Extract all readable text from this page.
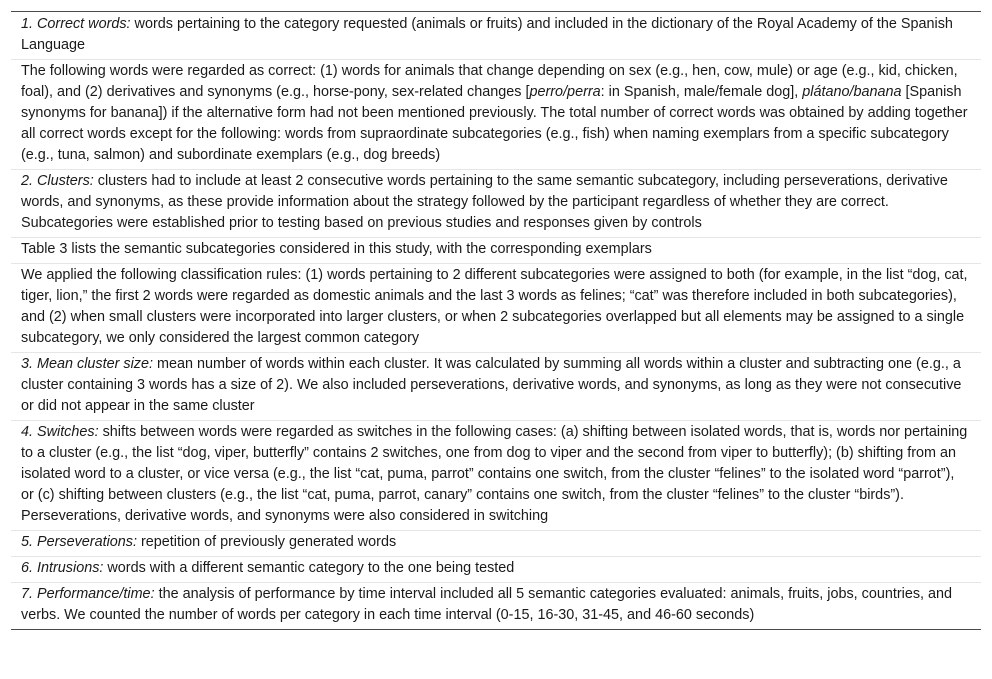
1. Correct words: words pertaining to the category requested (animals or fruits) and included in the dictionary of the Royal Academy of the Spanish Language
The following words were regarded as correct: (1) words for animals that change depending on sex (e.g., hen, cow, mule) or age (e.g., kid, chicken, foal), and (2) derivatives and synonyms (e.g., horse-pony, sex-related changes [perro/perra: in Spanish, male/female dog], plátano/banana [Spanish synonyms for banana]) if the alternative form had not been mentioned previously. The total number of correct words was obtained by adding together all correct words except for the following: words from supraordinate subcategories (e.g., fish) when naming exemplars from a specific subcategory (e.g., tuna, salmon) and subordinate exemplars (e.g., dog breeds)
2. Clusters: clusters had to include at least 2 consecutive words pertaining to the same semantic subcategory, including perseverations, derivative words, and synonyms, as these provide information about the strategy followed by the participant regardless of whether they are correct. Subcategories were established prior to testing based on previous studies and responses given by controls
Table 3 lists the semantic subcategories considered in this study, with the corresponding exemplars
We applied the following classification rules: (1) words pertaining to 2 different subcategories were assigned to both (for example, in the list “dog, cat, tiger, lion,” the first 2 words were regarded as domestic animals and the last 3 words as felines; “cat” was therefore included in both subcategories), and (2) when small clusters were incorporated into larger clusters, or when 2 subcategories overlapped but all elements may be assigned to a single subcategory, we only considered the largest common category
3. Mean cluster size: mean number of words within each cluster. It was calculated by summing all words within a cluster and subtracting one (e.g., a cluster containing 3 words has a size of 2). We also included perseverations, derivative words, and synonyms, as long as they were not consecutive or did not appear in the same cluster
4. Switches: shifts between words were regarded as switches in the following cases: (a) shifting between isolated words, that is, words nor pertaining to a cluster (e.g., the list “dog, viper, butterfly” contains 2 switches, one from dog to viper and the second from viper to butterfly); (b) shifting from an isolated word to a cluster, or vice versa (e.g., the list “cat, puma, parrot” contains one switch, from the cluster “felines” to the isolated word “parrot”), or (c) shifting between clusters (e.g., the list “cat, puma, parrot, canary” contains one switch, from the cluster “felines” to the cluster “birds”). Perseverations, derivative words, and synonyms were also considered in switching
5. Perseverations: repetition of previously generated words
6. Intrusions: words with a different semantic category to the one being tested
7. Performance/time: the analysis of performance by time interval included all 5 semantic categories evaluated: animals, fruits, jobs, countries, and verbs. We counted the number of words per category in each time interval (0-15, 16-30, 31-45, and 46-60 seconds)
